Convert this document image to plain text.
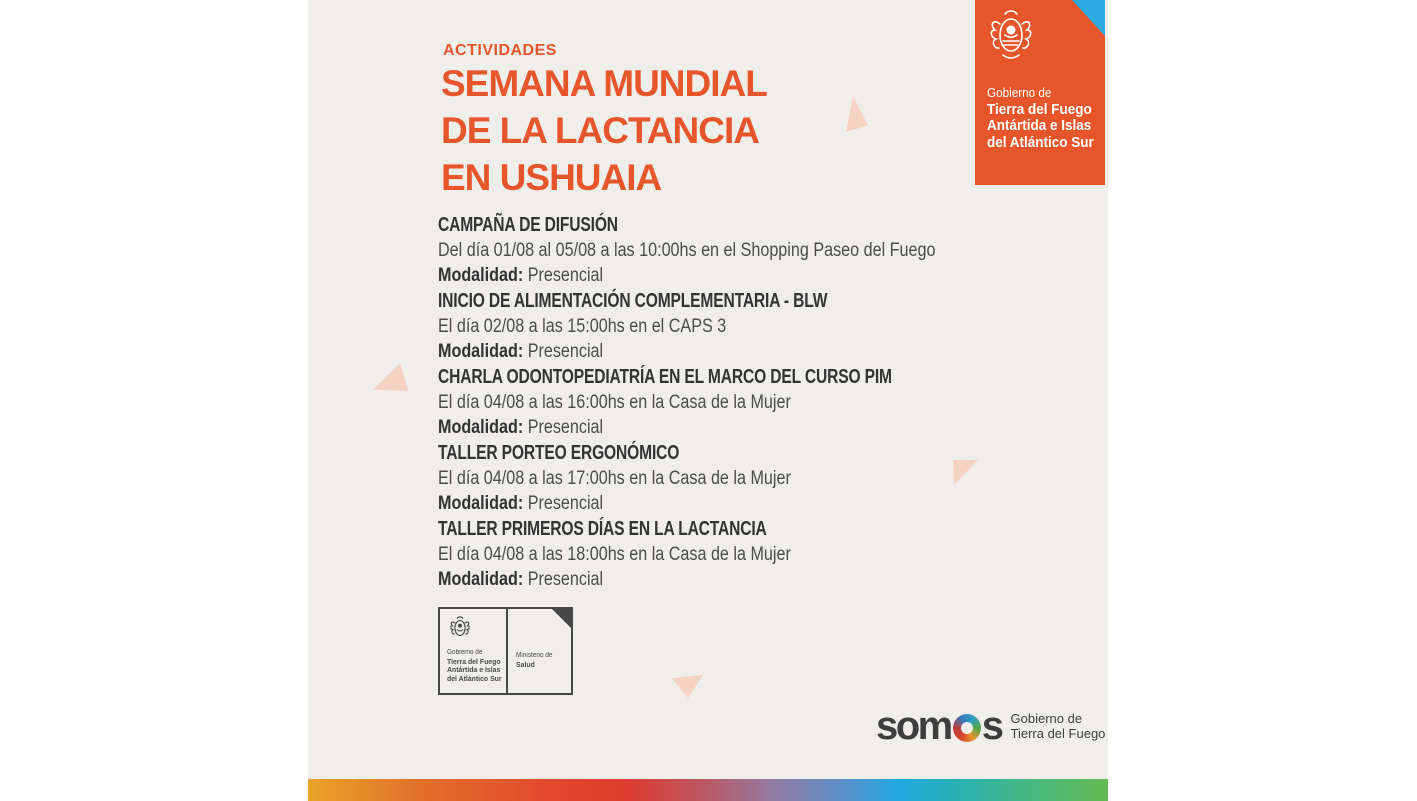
ACTIVIDADES
SEMANA MUNDIAL
DE LA LACTANCIA
EN USHUAIA
Gobierno de
Tierra del Fuego
Antártida e Islas
del Atlántico Sur
CAMPAÑA DE DIFUSIÓN
Del día 01/08 al 05/08 a las 10:00hs en el Shopping Paseo del Fuego
Modalidad: Presencial
INICIO DE ALIMENTACIÓN COMPLEMENTARIA - BLW
El día 02/08 a las 15:00hs en el CAPS 3
Modalidad: Presencial
CHARLA ODONTOPEDIATRÍA EN EL MARCO DEL CURSO PIM
El día 04/08 a las 16:00hs en la Casa de la Mujer
Modalidad: Presencial
TALLER PORTEO ERGONÓMICO
El día 04/08 a las 17:00hs en la Casa de la Mujer
Modalidad: Presencial
TALLER PRIMEROS DÍAS EN LA LACTANCIA
El día 04/08 a las 18:00hs en la Casa de la Mujer
Modalidad: Presencial
Gobierno de
Tierra del Fuego
Antártida e Islas
del Atlántico Sur
Ministerio de
Salud
som s Gobierno de
Tierra del Fuego
